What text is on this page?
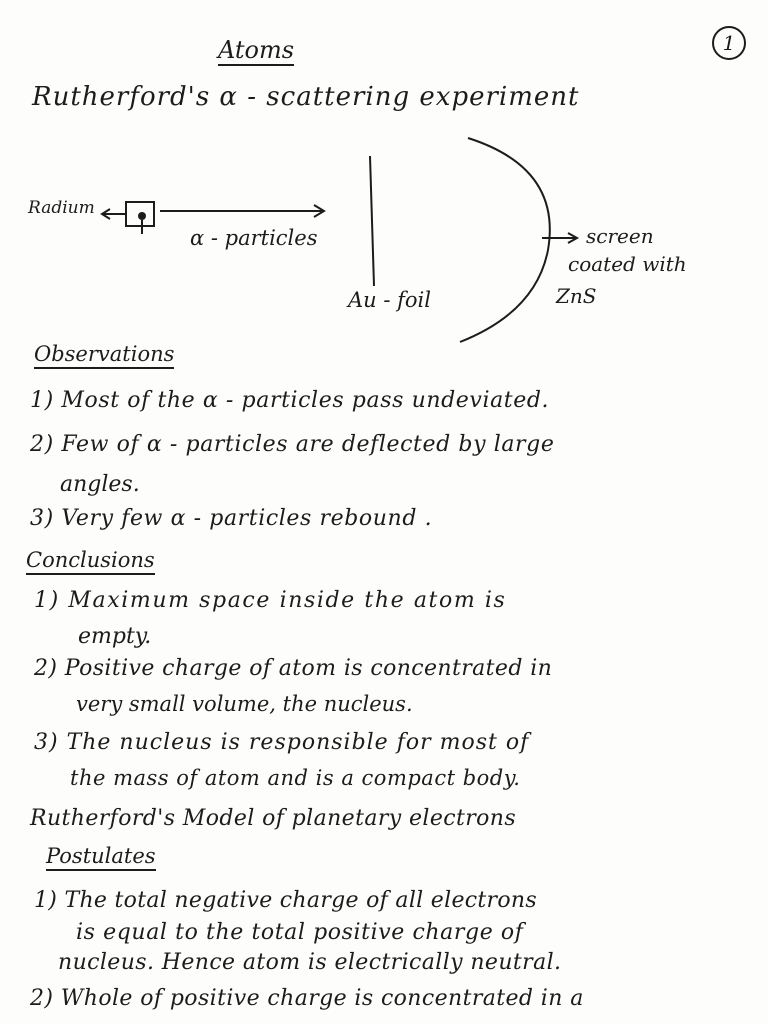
1
Atoms
Rutherford's α - scattering experiment
Radium
α - particles
Au - foil
screen
coated with
ZnS
Observations
1) Most of the α - particles pass undeviated.
2) Few of α - particles are deflected by large
angles.
3) Very few α - particles rebound .
Conclusions
1) Maximum space inside the atom is
empty.
2) Positive charge of atom is concentrated in
very small volume, the nucleus.
3) The nucleus is responsible for most of
the mass of atom and is a compact body.
Rutherford's Model of planetary electrons
Postulates
1) The total negative charge of all electrons
is equal to the total positive charge of
nucleus. Hence atom is electrically neutral.
2) Whole of positive charge is concentrated in a
